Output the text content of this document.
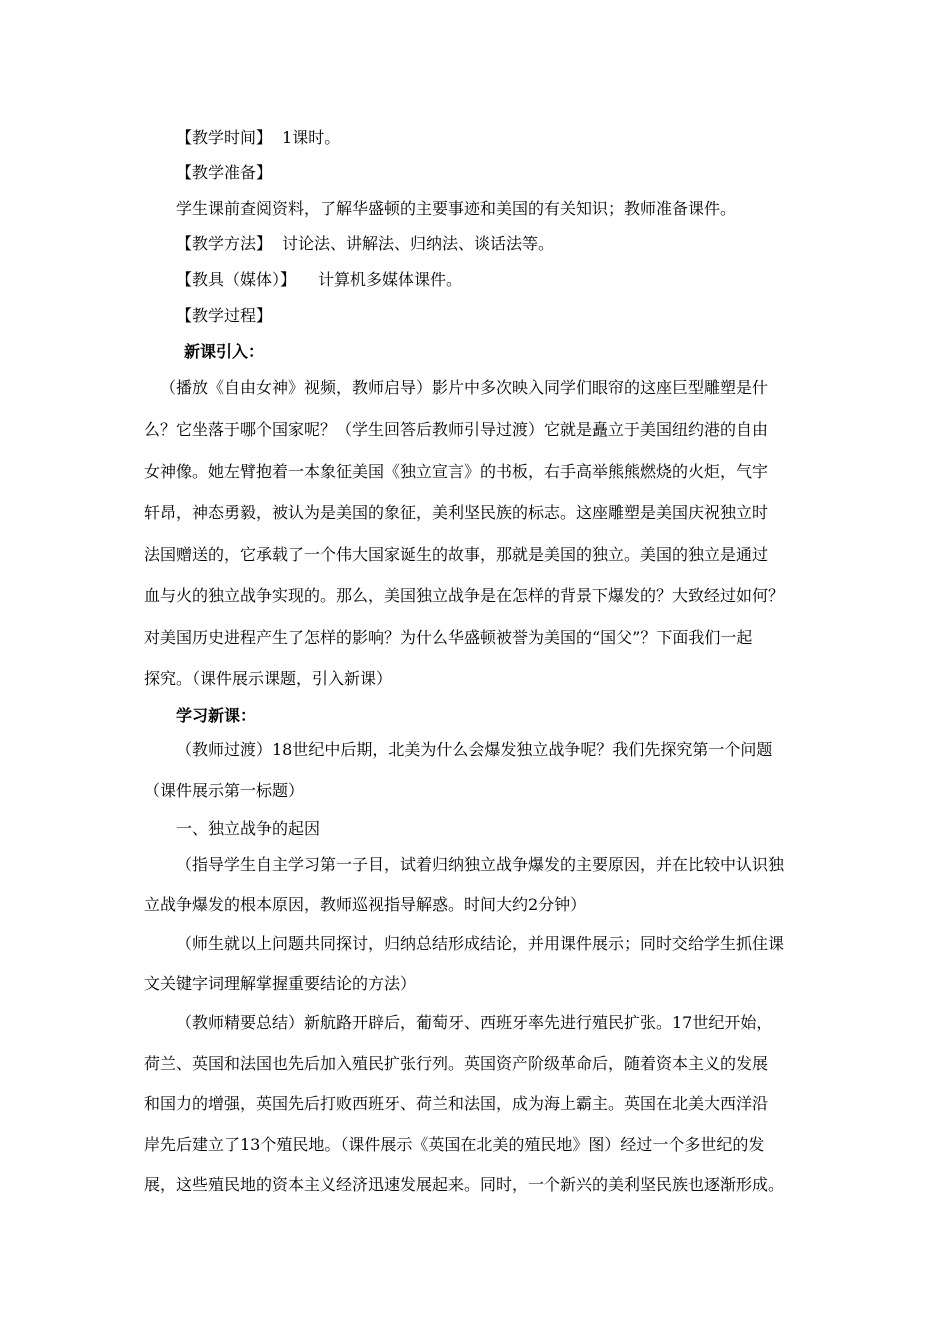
【教学时间】 1课时。
【教学准备】
学生课前查阅资料，了解华盛顿的主要事迹和美国的有关知识；教师准备课件。
【教学方法】 讨论法、讲解法、归纳法、谈话法等。
【教具（媒体）】 计算机多媒体课件。
【教学过程】
新课引入：
（播放《自由女神》视频，教师启导）影片中多次映入同学们眼帘的这座巨型雕塑是什
么？它坐落于哪个国家呢？（学生回答后教师引导过渡）它就是矗立于美国纽约港的自由
女神像。她左臂抱着一本象征美国《独立宣言》的书板，右手高举熊熊燃烧的火炬，气宇
轩昂，神态勇毅，被认为是美国的象征，美利坚民族的标志。这座雕塑是美国庆祝独立时
法国赠送的，它承载了一个伟大国家诞生的故事，那就是美国的独立。美国的独立是通过
血与火的独立战争实现的。那么，美国独立战争是在怎样的背景下爆发的？大致经过如何？
对美国历史进程产生了怎样的影响？为什么华盛顿被誉为美国的“国父”？下面我们一起
探究。（课件展示课题，引入新课）
学习新课：
（教师过渡）18世纪中后期，北美为什么会爆发独立战争呢？我们先探究第一个问题
（课件展示第一标题）
一、独立战争的起因
（指导学生自主学习第一子目，试着归纳独立战争爆发的主要原因，并在比较中认识独
立战争爆发的根本原因，教师巡视指导解惑。时间大约2分钟）
（师生就以上问题共同探讨，归纳总结形成结论，并用课件展示；同时交给学生抓住课
文关键字词理解掌握重要结论的方法）
（教师精要总结）新航路开辟后，葡萄牙、西班牙率先进行殖民扩张。17世纪开始，
荷兰、英国和法国也先后加入殖民扩张行列。英国资产阶级革命后，随着资本主义的发展
和国力的增强，英国先后打败西班牙、荷兰和法国，成为海上霸主。英国在北美大西洋沿
岸先后建立了13个殖民地。（课件展示《英国在北美的殖民地》图）经过一个多世纪的发
展，这些殖民地的资本主义经济迅速发展起来。同时，一个新兴的美利坚民族也逐渐形成。
